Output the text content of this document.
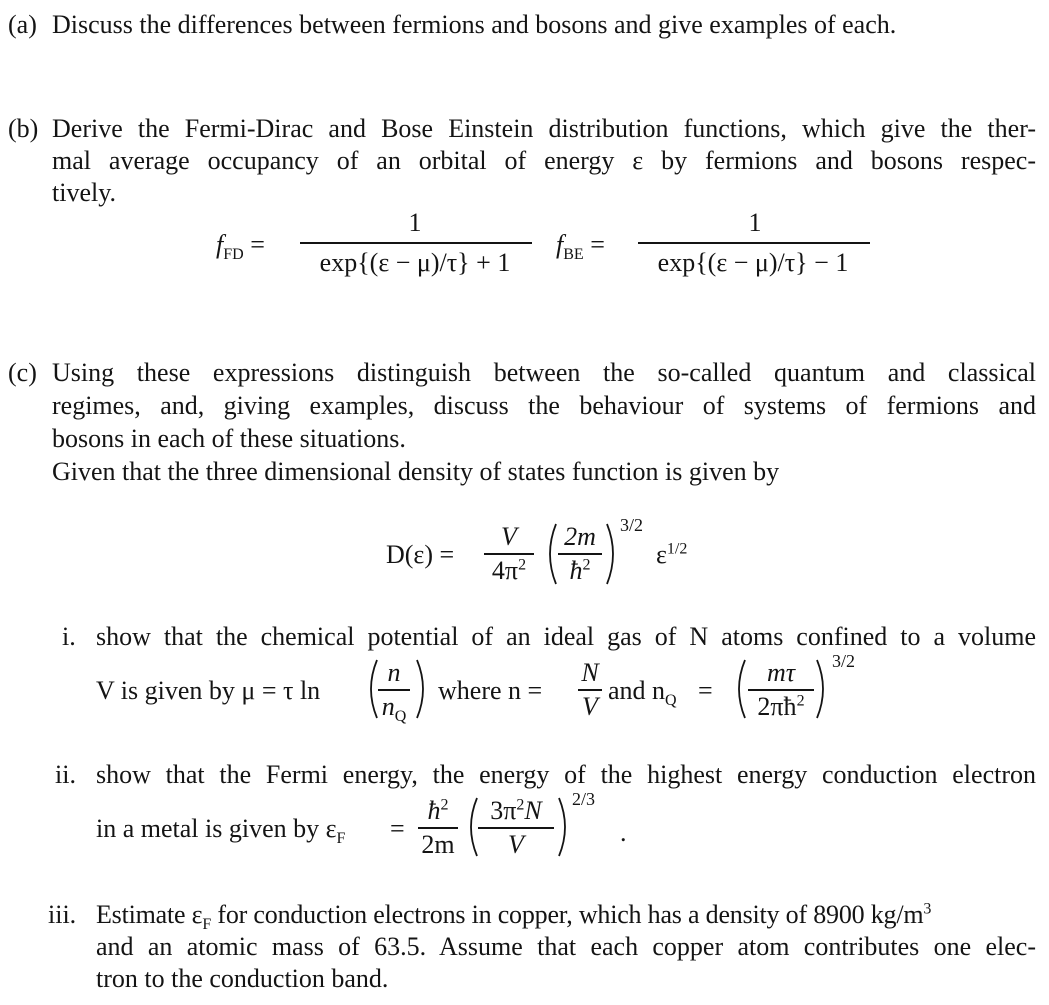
(a) Discuss the differences between fermions and bosons and give examples of each.
(b) Derive the Fermi-Dirac and Bose Einstein distribution functions, which give the ther-
mal average occupancy of an orbital of energy ε by fermions and bosons respec-
tively.
$f_{FD}$ =
1
exp{(ε − μ)/τ} + 1
$f_{BE}$ =
1
exp{(ε − μ)/τ} − 1
(c) Using these expressions distinguish between the so-called quantum and classical
regimes, and, giving examples, discuss the behaviour of systems of fermions and
bosons in each of these situations.
Given that the three dimensional density of states function is given by
D(ε) =
V
$4\pi^2$
2m
$ħ^2$
3/2
$\varepsilon^{1/2}$
i. show that the chemical potential of an ideal gas of N atoms confined to a volume
V is given by μ = τ ln
n
$n_Q$
where n =
N
V
and $n_Q$ =
mτ
$2\pi ħ^2$
3/2
ii. show that the Fermi energy, the energy of the highest energy conduction electron
in a metal is given by $\varepsilon_F$ =
$ħ^2$
2m
$3\pi^2N$
V
2/3
.
iii. Estimate $\varepsilon_F$ for conduction electrons in copper, which has a density of 8900 $kg/m^3$
and an atomic mass of 63.5. Assume that each copper atom contributes one elec-
tron to the conduction band.
